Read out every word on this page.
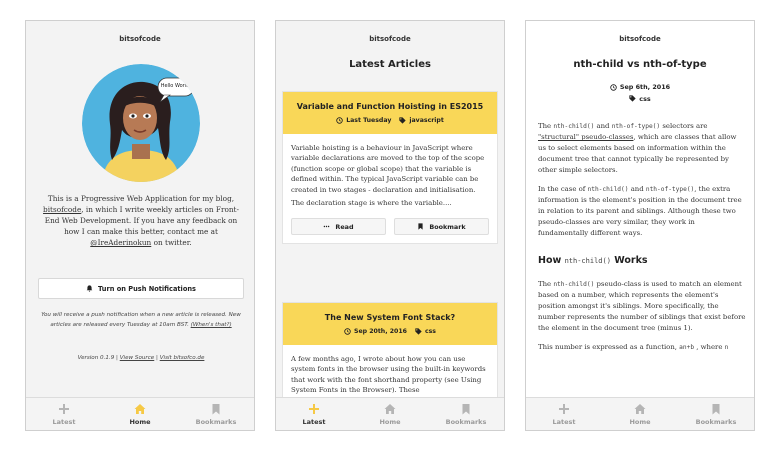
bitsofcode
Hello World!
This is a Progressive Web Application for my blog, bitsofcode, in which I write weekly articles on Front-End Web Development. If you have any feedback on how I can make this better, contact me at @IreAderinokun on twitter.
Turn on Push Notifications
You will receive a push notification when a new article is released. New articles are released every Tuesday at 10am BST. (When's that?)
Version 0.1.9 | View Source | Visit bitsofco.de
Latest	Home	Bookmarks
bitsofcode
Latest Articles
Variable and Function Hoisting in ES2015
Last Tuesday	javascript

Variable hoisting is a behaviour in JavaScript where variable declarations are moved to the top of the scope (function scope or global scope) that the variable is defined within. The typical JavaScript variable can be created in two stages - declaration and initialisation.

The declaration stage is where the variable....

Read	Bookmark
The New System Font Stack?
Sep 20th, 2016	css

A few months ago, I wrote about how you can use system fonts in the browser using the built-in keywords that work with the font shorthand property (see Using System Fonts in the Browser). These

Latest	Home	Bookmarks
bitsofcode
nth-child vs nth-of-type
Sep 6th, 2016
css

The nth-child() and nth-of-type() selectors are "structural" pseudo-classes, which are classes that allow us to select elements based on information within the document tree that cannot typically be represented by other simple selectors.

In the case of nth-child() and nth-of-type(), the extra information is the element's position in the document tree in relation to its parent and siblings. Although these two pseudo-classes are very similar, they work in fundamentally different ways.

How nth-child() Works

The nth-child() pseudo-class is used to match an element based on a number, which represents the element's position amongst it's siblings. More specifically, the number represents the number of siblings that exist before the element in the document tree (minus 1).

This number is expressed as a function, an+b , where n

Latest	Home	Bookmarks
